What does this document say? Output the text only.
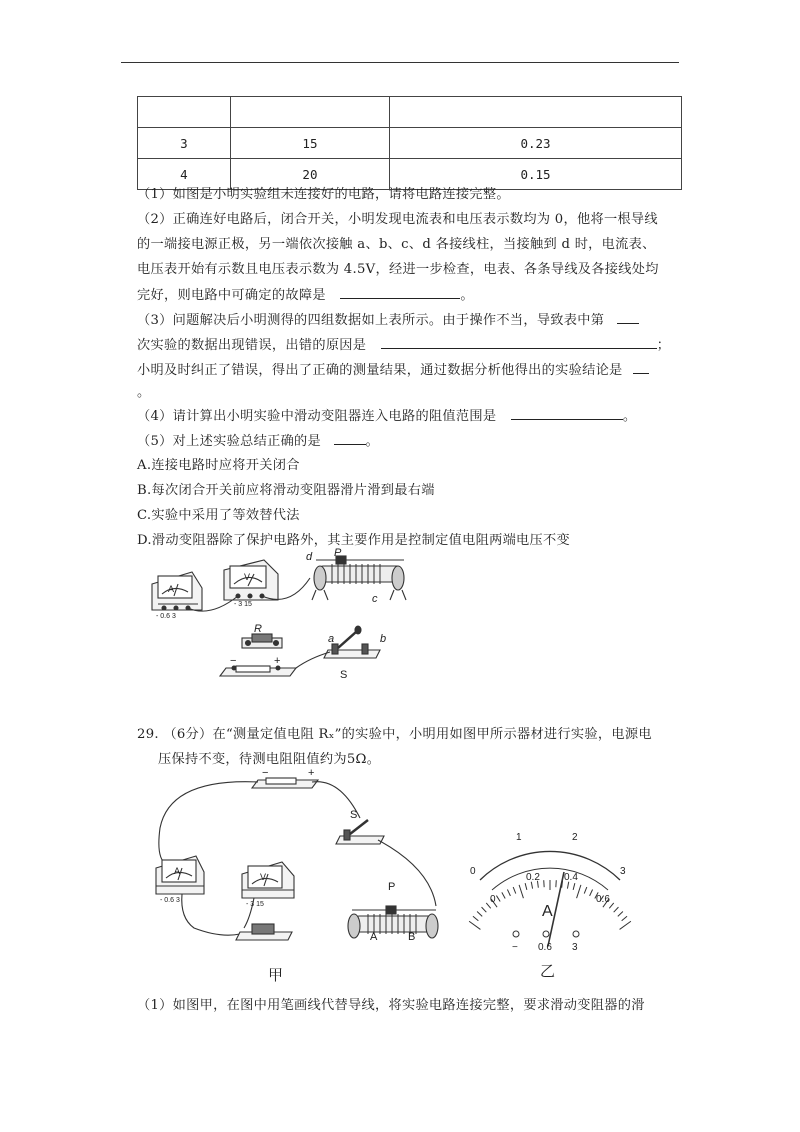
3	15	0.23
4	20	0.15
（1）如图是小明实验组未连接好的电路，请将电路连接完整。
（2）正确连好电路后，闭合开关，小明发现电流表和电压表示数均为 0，他将一根导线
的一端接电源正极，另一端依次接触 a、b、c、d 各接线柱，当接触到 d 时，电流表、
电压表开始有示数且电压表示数为 4.5V，经进一步检查，电表、各条导线及各接线处均
完好，则电路中可确定的故障是	。
（3）问题解决后小明测得的四组数据如上表所示。由于操作不当，导致表中第
次实验的数据出现错误，出错的原因是	；
小明及时纠正了错误，得出了正确的测量结果，通过数据分析他得出的实验结论是
。
（4）请计算出小明实验中滑动变阻器连入电路的阻值范围是	。
（5）对上述实验总结正确的是	。
A.连接电路时应将开关闭合
B.每次闭合开关前应将滑动变阻器滑片滑到最右端
C.实验中采用了等效替代法
D.滑动变阻器除了保护电路外，其主要作用是控制定值电阻两端电压不变
d P
c
R
a	b
S
−	+
A
V
- 0.6 3
- 3 15
29. （6分）在“测量定值电阻 Rₓ”的实验中，小明用如图甲所示器材进行实验，电源电
压保持不变，待测电阻阻值约为5Ω。
−	+
S
P
A	B
A
V
- 0.6 3
- 3 15
甲
0
1	2
3
0
0.2 0.4
0.6
A
− 0.6 3
乙
（1）如图甲，在图中用笔画线代替导线，将实验电路连接完整，要求滑动变阻器的滑
